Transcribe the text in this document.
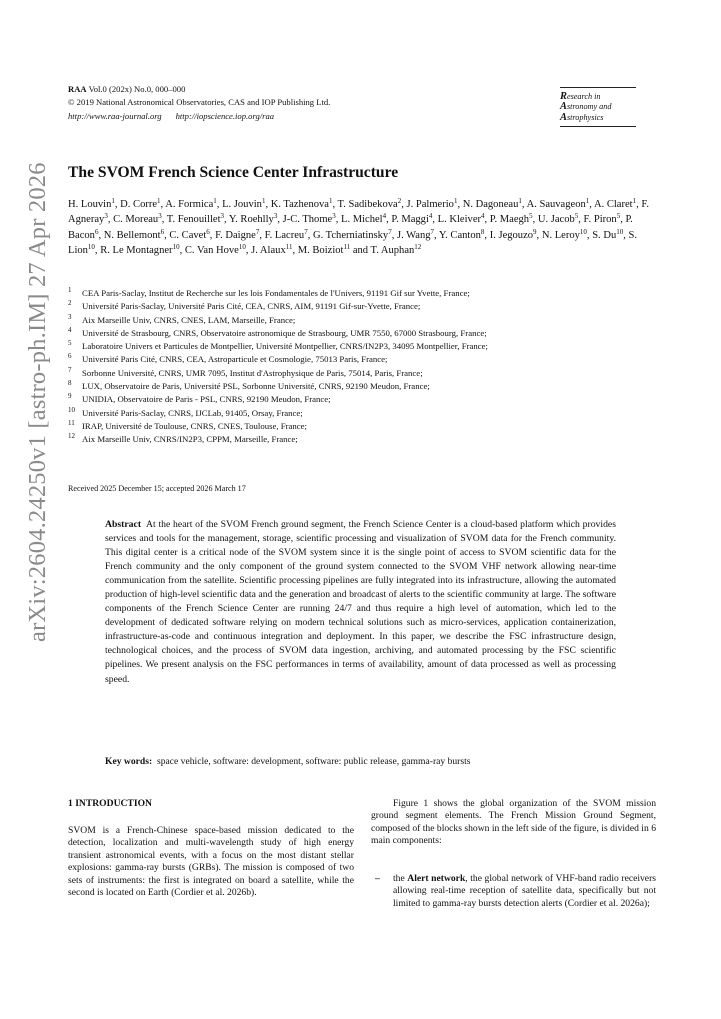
arXiv:2604.24250v1 [astro-ph.IM] 27 Apr 2026
RAA Vol.0 (202x) No.0, 000–000
© 2019 National Astronomical Observatories, CAS and IOP Publishing Ltd.
http://www.raa-journal.org http://iopscience.iop.org/raa
Research in
Astronomy and
Astrophysics
The SVOM French Science Center Infrastructure

H. Louvin$^1$, D. Corre$^1$, A. Formica$^1$, L. Jouvin$^1$, K. Tazhenova$^1$, T. Sadibekova$^2$, J. Palmerio$^1$, N. Dagoneau$^1$, A. Sauvageon$^1$, A. Claret$^1$, F. Agneray$^3$, C. Moreau$^3$, T. Fenouillet$^3$, Y. Roehlly$^3$, J-C. Thome$^3$, L. Michel$^4$, P. Maggi$^4$, L. Kleiver$^4$, P. Maegh$^5$, U. Jacob$^5$, F. Piron$^5$, P. Bacon$^6$, N. Bellemont$^6$, C. Cavet$^6$, F. Daigne$^7$, F. Lacreu$^7$, G. Tcherniatinsky$^7$, J. Wang$^7$, Y. Canton$^8$, I. Jegouzo$^9$, N. Leroy$^{10}$, S. Du$^{10}$, S. Lion$^{10}$, R. Le Montagner$^{10}$, C. Van Hove$^{10}$, J. Alaux$^{11}$, M. Boiziot$^{11}$ and T. Auphan$^{12}$

$^1$ CEA Paris-Saclay, Institut de Recherche sur les lois Fondamentales de l'Univers, 91191 Gif sur Yvette, France;
$^2$ Université Paris-Saclay, Université Paris Cité, CEA, CNRS, AIM, 91191 Gif-sur-Yvette, France;
$^3$ Aix Marseille Univ, CNRS, CNES, LAM, Marseille, France;
$^4$ Université de Strasbourg, CNRS, Observatoire astronomique de Strasbourg, UMR 7550, 67000 Strasbourg, France;
$^5$ Laboratoire Univers et Particules de Montpellier, Université Montpellier, CNRS/IN2P3, 34095 Montpellier, France;
$^6$ Université Paris Cité, CNRS, CEA, Astroparticule et Cosmologie, 75013 Paris, France;
$^7$ Sorbonne Université, CNRS, UMR 7095, Institut d'Astrophysique de Paris, 75014, Paris, France;
$^8$ LUX, Observatoire de Paris, Université PSL, Sorbonne Université, CNRS, 92190 Meudon, France;
$^9$ UNIDIA, Observatoire de Paris - PSL, CNRS, 92190 Meudon, France;
$^{10}$ Université Paris-Saclay, CNRS, IJCLab, 91405, Orsay, France;
$^{11}$ IRAP, Université de Toulouse, CNRS, CNES, Toulouse, France;
$^{12}$ Aix Marseille Univ, CNRS/IN2P3, CPPM, Marseille, France;
Received 2025 December 15; accepted 2026 March 17

Abstract At the heart of the SVOM French ground segment, the French Science Center is a cloud-based platform which provides services and tools for the management, storage, scientific processing and visualization of SVOM data for the French community. This digital center is a critical node of the SVOM system since it is the single point of access to SVOM scientific data for the French community and the only component of the ground system connected to the SVOM VHF network allowing near-time communication from the satellite. Scientific processing pipelines are fully integrated into its infrastructure, allowing the automated production of high-level scientific data and the generation and broadcast of alerts to the scientific community at large. The software components of the French Science Center are running 24/7 and thus require a high level of automation, which led to the development of dedicated software relying on modern technical solutions such as micro-services, application containerization, infrastructure-as-code and continuous integration and deployment. In this paper, we describe the FSC infrastructure design, technological choices, and the process of SVOM data ingestion, archiving, and automated processing by the FSC scientific pipelines. We present analysis on the FSC performances in terms of availability, amount of data processed as well as processing speed.

Key words: space vehicle, software: development, software: public release, gamma-ray bursts
1 INTRODUCTION

SVOM is a French-Chinese space-based mission dedicated to the detection, localization and multi-wavelength study of high energy transient astronomical events, with a focus on the most distant stellar explosions: gamma-ray bursts (GRBs). The mission is composed of two sets of instruments: the first is integrated on board a satellite, while the second is located on Earth (Cordier et al. 2026b).

Figure 1 shows the global organization of the SVOM mission ground segment elements. The French Mission Ground Segment, composed of the blocks shown in the left side of the figure, is divided in 6 main components:

– the Alert network, the global network of VHF-band radio receivers allowing real-time reception of satellite data, specifically but not limited to gamma-ray bursts detection alerts (Cordier et al. 2026a);
